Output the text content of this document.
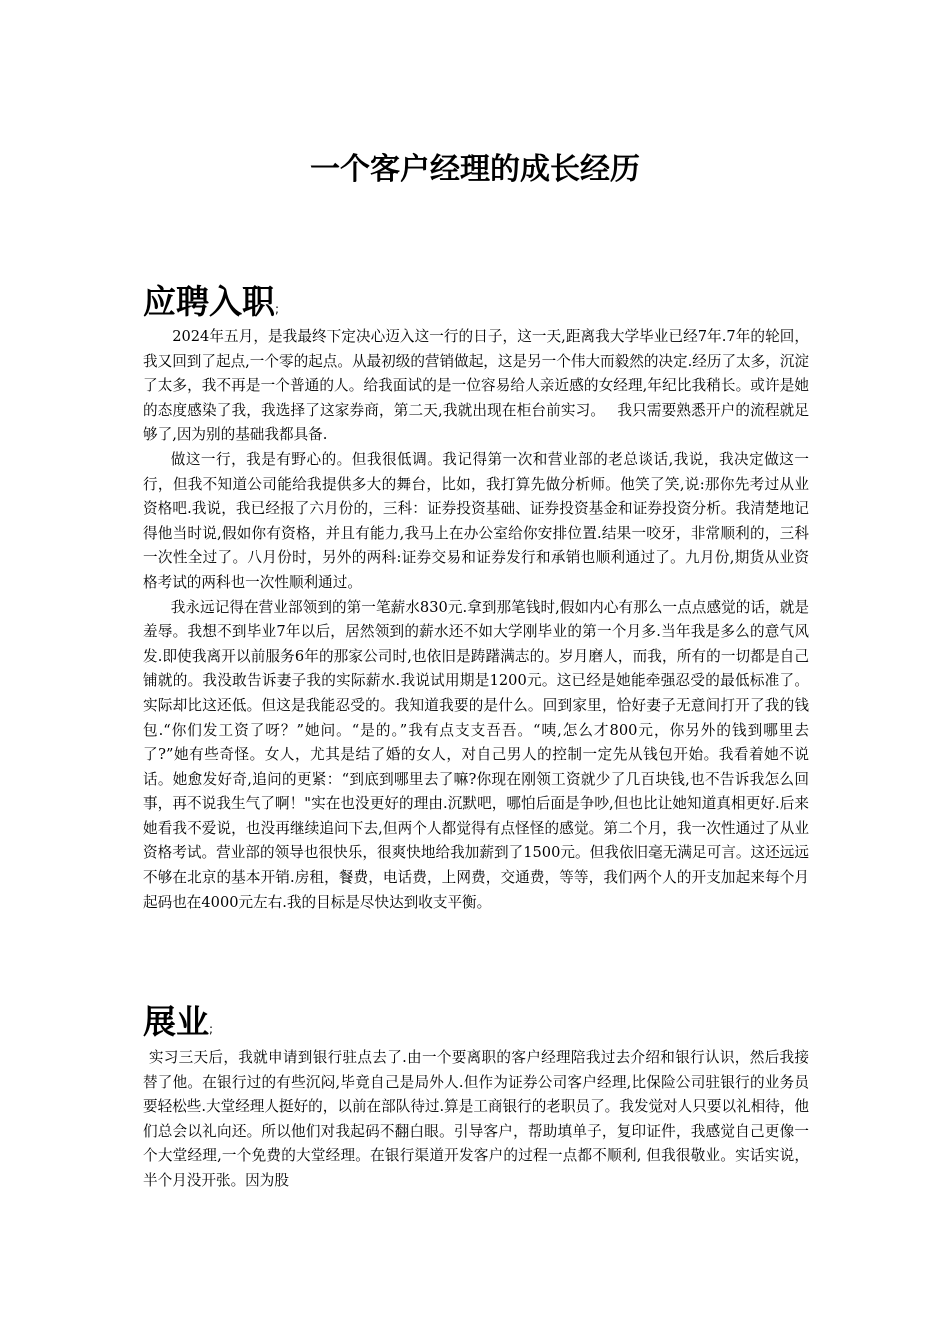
一个客户经理的成长经历
应聘入职;

2024年五月，是我最终下定决心迈入这一行的日子，这一天,距离我大学毕业已经7年.7年的轮回，我又回到了起点,一个零的起点。从最初级的营销做起，这是另一个伟大而毅然的决定.经历了太多，沉淀了太多，我不再是一个普通的人。给我面试的是一位容易给人亲近感的女经理,年纪比我稍长。或许是她的态度感染了我，我选择了这家券商，第二天,我就出现在柜台前实习。　 我只需要熟悉开户的流程就足够了,因为别的基础我都具备.

做这一行，我是有野心的。但我很低调。我记得第一次和营业部的老总谈话,我说，我决定做这一行，但我不知道公司能给我提供多大的舞台，比如，我打算先做分析师。他笑了笑,说:那你先考过从业资格吧.我说，我已经报了六月份的，三科：证券投资基础、证券投资基金和证券投资分析。我清楚地记得他当时说,假如你有资格，并且有能力,我马上在办公室给你安排位置.结果一咬牙，非常顺利的，三科一次性全过了。八月份时，另外的两科:证券交易和证券发行和承销也顺利通过了。九月份,期货从业资格考试的两科也一次性顺利通过。

我永远记得在营业部领到的第一笔薪水830元.拿到那笔钱时,假如内心有那么一点点感觉的话，就是羞辱。我想不到毕业7年以后，居然领到的薪水还不如大学刚毕业的第一个月多.当年我是多么的意气风发.即使我离开以前服务6年的那家公司时,也依旧是踌躇满志的。岁月磨人，而我，所有的一切都是自己铺就的。我没敢告诉妻子我的实际薪水.我说试用期是1200元。这已经是她能牵强忍受的最低标准了。实际却比这还低。但这是我能忍受的。我知道我要的是什么。回到家里，恰好妻子无意间打开了我的钱包.“你们发工资了呀？”她问。“是的。”我有点支支吾吾。“咦,怎么才800元，你另外的钱到哪里去了?”她有些奇怪。女人，尤其是结了婚的女人，对自己男人的控制一定先从钱包开始。我看着她不说话。她愈发好奇,追问的更紧：“到底到哪里去了嘛?你现在刚领工资就少了几百块钱,也不告诉我怎么回事，再不说我生气了啊！"实在也没更好的理由.沉默吧，哪怕后面是争吵,但也比让她知道真相更好.后来她看我不爱说，也没再继续追问下去,但两个人都觉得有点怪怪的感觉。第二个月，我一次性通过了从业资格考试。营业部的领导也很快乐，很爽快地给我加薪到了1500元。但我依旧毫无满足可言。这还远远不够在北京的基本开销.房租，餐费，电话费，上网费，交通费，等等，我们两个人的开支加起来每个月起码也在4000元左右.我的目标是尽快达到收支平衡。

展业;

实习三天后，我就申请到银行驻点去了.由一个要离职的客户经理陪我过去介绍和银行认识，然后我接替了他。在银行过的有些沉闷,毕竟自己是局外人.但作为证券公司客户经理,比保险公司驻银行的业务员要轻松些.大堂经理人挺好的，以前在部队待过.算是工商银行的老职员了。我发觉对人只要以礼相待，他们总会以礼向还。所以他们对我起码不翻白眼。引导客户，帮助填单子，复印证件，我感觉自己更像一个大堂经理,一个免费的大堂经理。在银行渠道开发客户的过程一点都不顺利, 但我很敬业。实话实说，半个月没开张。因为股
